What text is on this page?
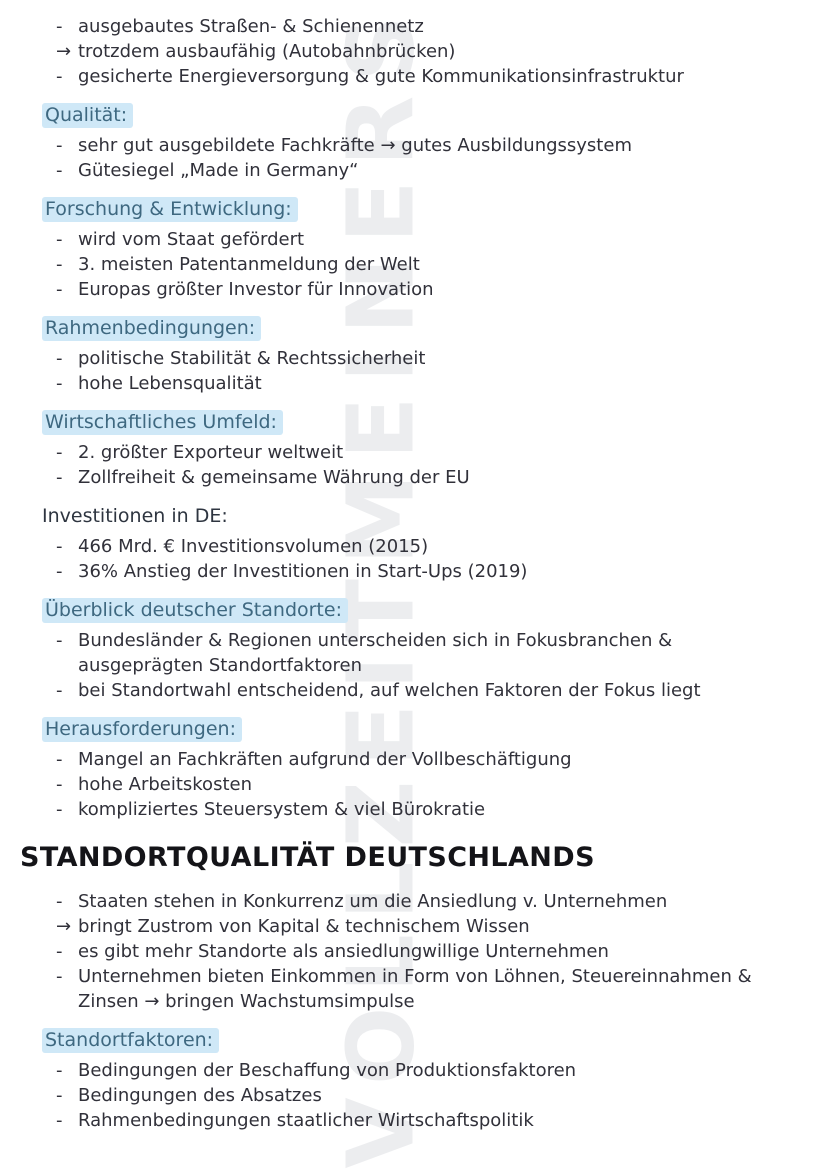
VOLLZEITMEINERS
- ausgebautes Straßen- & Schienennetz
→ trotzdem ausbaufähig (Autobahnbrücken)
- gesicherte Energieversorgung & gute Kommunikationsinfrastruktur
Qualität:
- sehr gut ausgebildete Fachkräfte → gutes Ausbildungssystem
- Gütesiegel „Made in Germany“
Forschung & Entwicklung:
- wird vom Staat gefördert
- 3. meisten Patentanmeldung der Welt
- Europas größter Investor für Innovation
Rahmenbedingungen:
- politische Stabilität & Rechtssicherheit
- hohe Lebensqualität
Wirtschaftliches Umfeld:
- 2. größter Exporteur weltweit
- Zollfreiheit & gemeinsame Währung der EU
Investitionen in DE:
- 466 Mrd. € Investitionsvolumen (2015)
- 36% Anstieg der Investitionen in Start-Ups (2019)
Überblick deutscher Standorte:
- Bundesländer & Regionen unterscheiden sich in Fokusbranchen & ausgeprägten Standortfaktoren
- bei Standortwahl entscheidend, auf welchen Faktoren der Fokus liegt
Herausforderungen:
- Mangel an Fachkräften aufgrund der Vollbeschäftigung
- hohe Arbeitskosten
- kompliziertes Steuersystem & viel Bürokratie
STANDORTQUALITÄT DEUTSCHLANDS
- Staaten stehen in Konkurrenz um die Ansiedlung v. Unternehmen
→ bringt Zustrom von Kapital & technischem Wissen
- es gibt mehr Standorte als ansiedlungwillige Unternehmen
- Unternehmen bieten Einkommen in Form von Löhnen, Steuereinnahmen & Zinsen → bringen Wachstumsimpulse
Standortfaktoren:
- Bedingungen der Beschaffung von Produktionsfaktoren
- Bedingungen des Absatzes
- Rahmenbedingungen staatlicher Wirtschaftspolitik
